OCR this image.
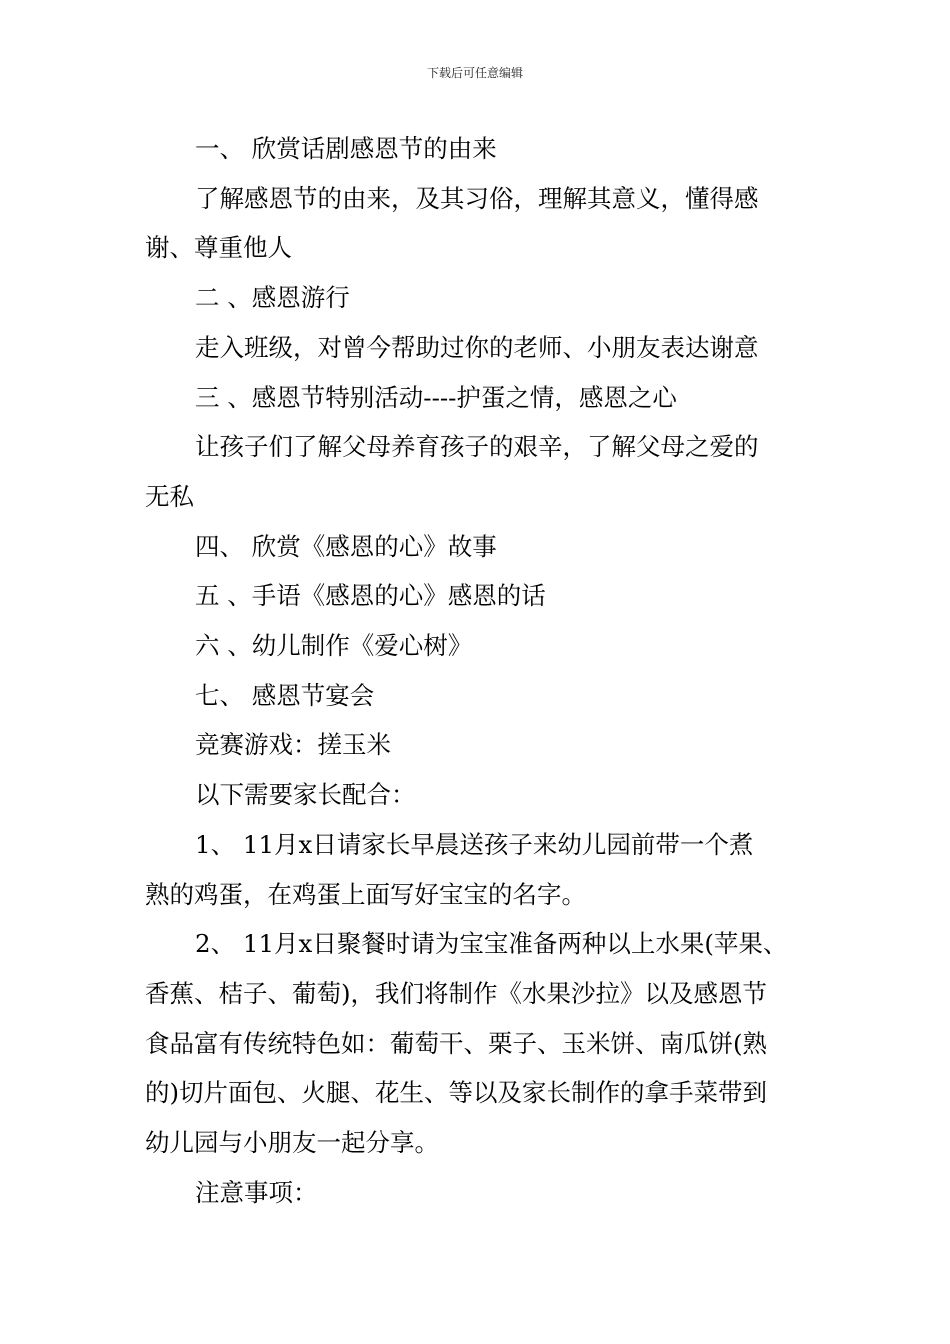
下载后可任意编辑

一、 欣赏话剧感恩节的由来

了解感恩节的由来，及其习俗，理解其意义，懂得感

谢、尊重他人

二 、感恩游行

走入班级，对曾今帮助过你的老师、小朋友表达谢意

三 、感恩节特别活动----护蛋之情，感恩之心

让孩子们了解父母养育孩子的艰辛，了解父母之爱的

无私

四、 欣赏《感恩的心》故事

五 、手语《感恩的心》感恩的话

六 、幼儿制作《爱心树》

七、 感恩节宴会

竞赛游戏：搓玉米

以下需要家长配合：

1、 11月x日请家长早晨送孩子来幼儿园前带一个煮

熟的鸡蛋，在鸡蛋上面写好宝宝的名字。

2、 11月x日聚餐时请为宝宝准备两种以上水果(苹果、

香蕉、桔子、葡萄)，我们将制作《水果沙拉》以及感恩节

食品富有传统特色如：葡萄干、栗子、玉米饼、南瓜饼(熟

的)切片面包、火腿、花生、等以及家长制作的拿手菜带到

幼儿园与小朋友一起分享。

注意事项：
